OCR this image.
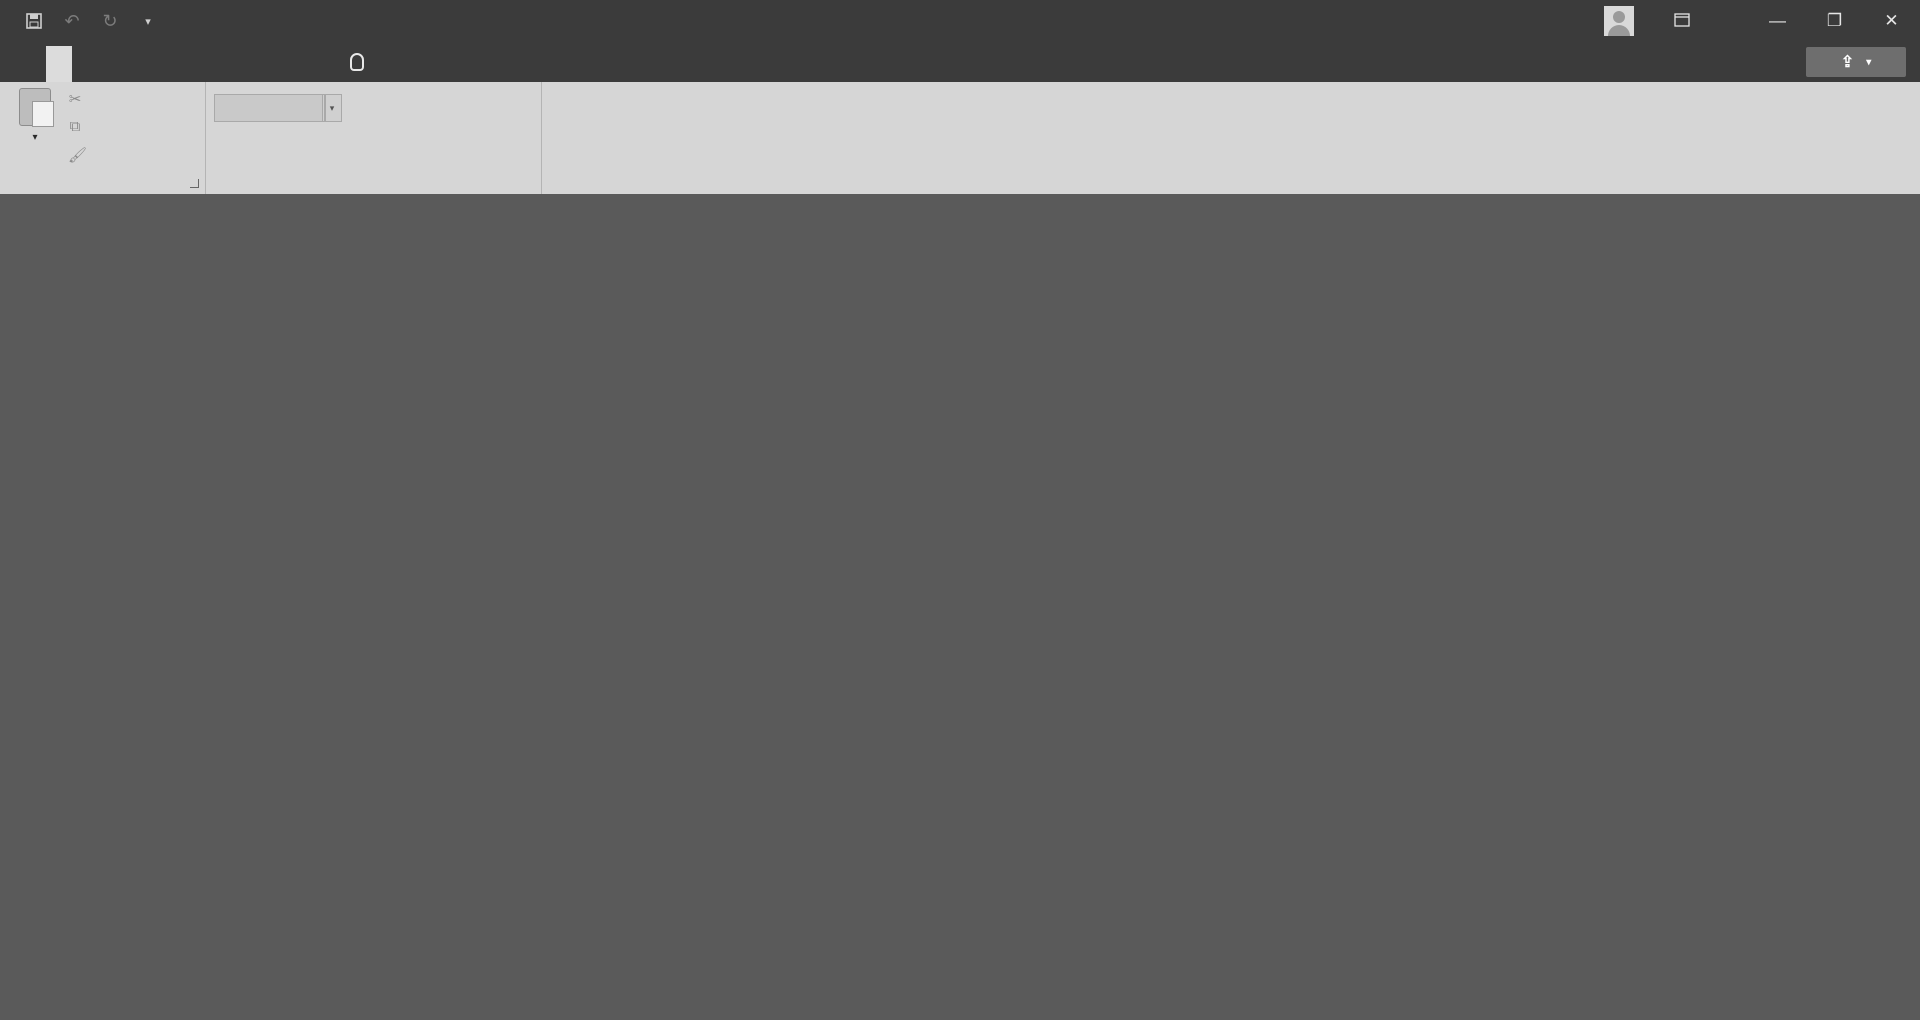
↶	↻	▾	—	❐	✕
⇪ ▾
▾
✂
⧉
🖌
▾
